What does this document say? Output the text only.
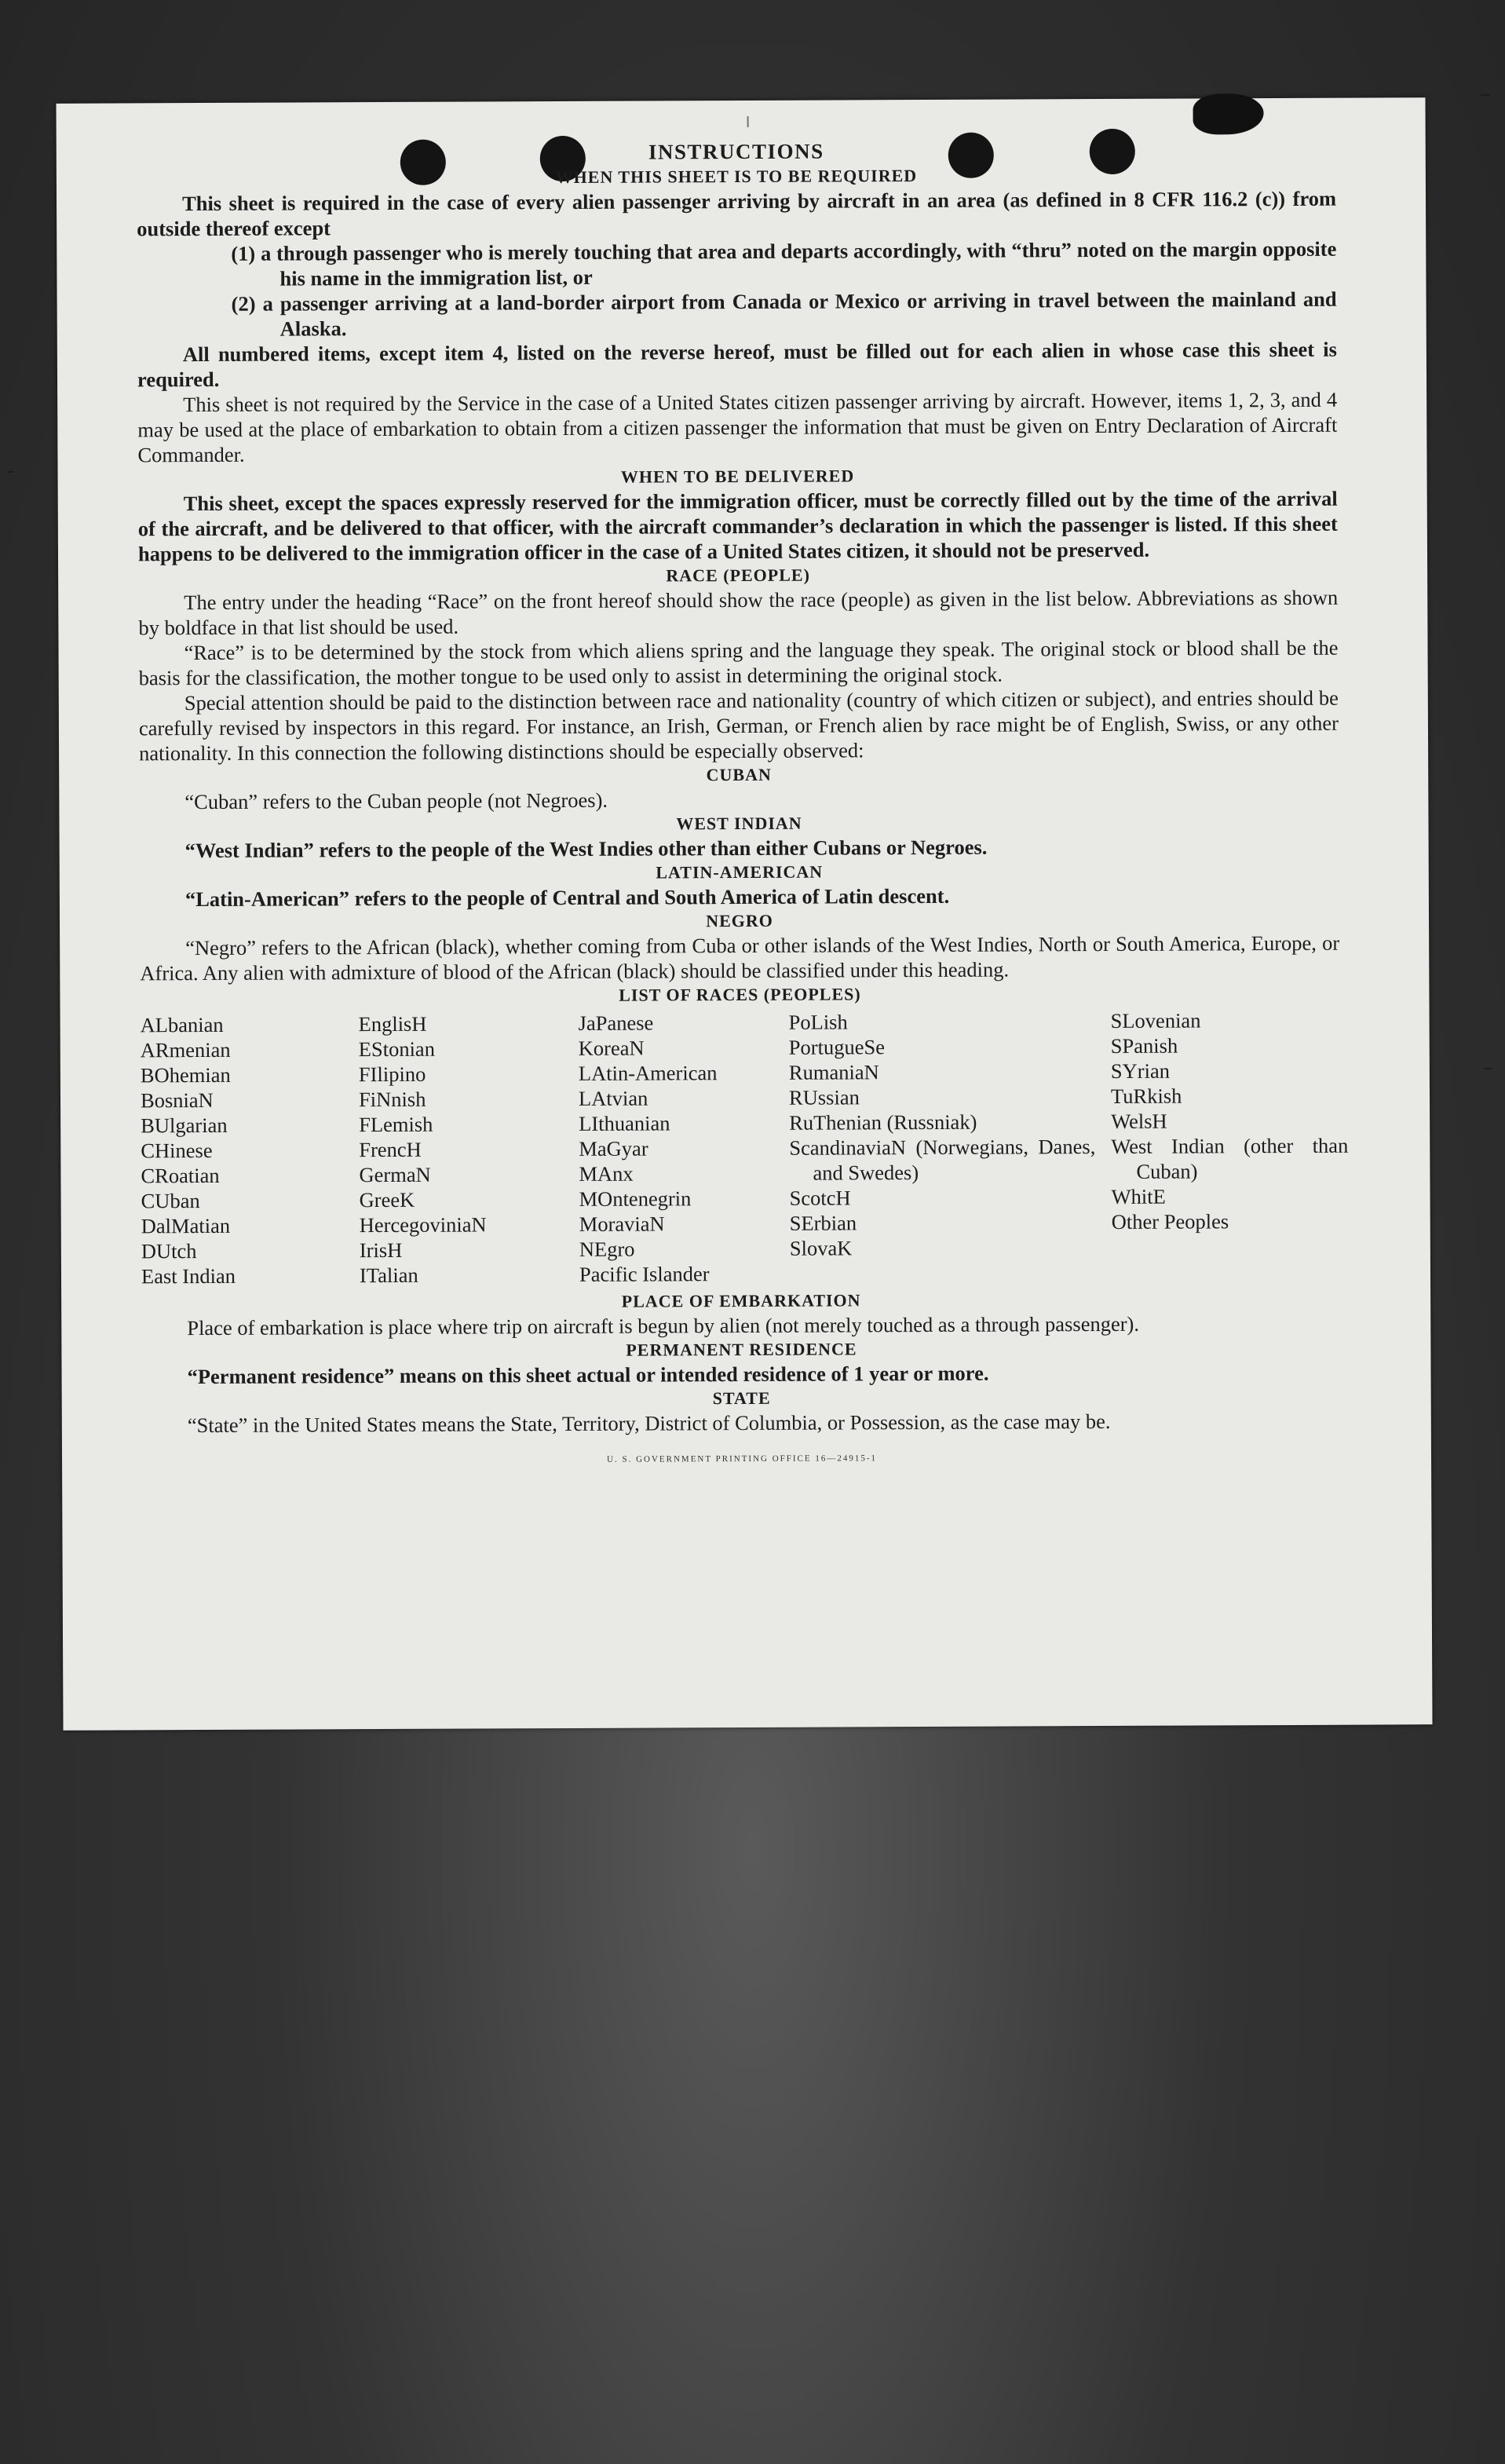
INSTRUCTIONS

WHEN THIS SHEET IS TO BE REQUIRED

This sheet is required in the case of every alien passenger arriving by aircraft in an area (as defined in 8 CFR 116.2 (c)) from outside thereof except

(1) a through passenger who is merely touching that area and departs accordingly, with “thru” noted on the margin opposite his name in the immigration list, or

(2) a passenger arriving at a land-border airport from Canada or Mexico or arriving in travel between the mainland and Alaska.

All numbered items, except item 4, listed on the reverse hereof, must be filled out for each alien in whose case this sheet is required.

This sheet is not required by the Service in the case of a United States citizen passenger arriving by aircraft. However, items 1, 2, 3, and 4 may be used at the place of embarkation to obtain from a citizen passenger the information that must be given on Entry Declaration of Aircraft Commander.

WHEN TO BE DELIVERED

This sheet, except the spaces expressly reserved for the immigration officer, must be correctly filled out by the time of the arrival of the aircraft, and be delivered to that officer, with the aircraft commander’s declaration in which the passenger is listed. If this sheet happens to be delivered to the immigration officer in the case of a United States citizen, it should not be preserved.

RACE (PEOPLE)

The entry under the heading “Race” on the front hereof should show the race (people) as given in the list below. Abbreviations as shown by boldface in that list should be used.

“Race” is to be determined by the stock from which aliens spring and the language they speak. The original stock or blood shall be the basis for the classification, the mother tongue to be used only to assist in determining the original stock.

Special attention should be paid to the distinction between race and nationality (country of which citizen or subject), and entries should be carefully revised by inspectors in this regard. For instance, an Irish, German, or French alien by race might be of English, Swiss, or any other nationality. In this connection the following distinctions should be especially observed:

CUBAN

“Cuban” refers to the Cuban people (not Negroes).

WEST INDIAN

“West Indian” refers to the people of the West Indies other than either Cubans or Negroes.

LATIN-AMERICAN

“Latin-American” refers to the people of Central and South America of Latin descent.

NEGRO

“Negro” refers to the African (black), whether coming from Cuba or other islands of the West Indies, North or South America, Europe, or Africa. Any alien with admixture of blood of the African (black) should be classified under this heading.

LIST OF RACES (PEOPLES)

ALbanian
ARmenian
BOhemian
BosniaN
BUlgarian
CHinese
CRoatian
CUban
DalMatian
DUtch
East Indian
EnglisH
EStonian
FIlipino
FiNnish
FLemish
FrencH
GermaN
GreeK
HercegoviniaN
IrisH
ITalian
JaPanese
KoreaN
LAtin-American
LAtvian
LIthuanian
MaGyar
MAnx
MOntenegrin
MoraviaN
NEgro
Pacific Islander
PoLish
PortugueSe
RumaniaN
RUssian
RuThenian (Russniak)
ScandinaviaN (Norwegians, Danes, and Swedes)
ScotcH
SErbian
SlovaK
SLovenian
SPanish
SYrian
TuRkish
WelsH
West Indian (other than Cuban)
WhitE
Other Peoples

PLACE OF EMBARKATION

Place of embarkation is place where trip on aircraft is begun by alien (not merely touched as a through passenger).

PERMANENT RESIDENCE

“Permanent residence” means on this sheet actual or intended residence of 1 year or more.

STATE

“State” in the United States means the State, Territory, District of Columbia, or Possession, as the case may be.

U. S. GOVERNMENT PRINTING OFFICE 16—24915-1
